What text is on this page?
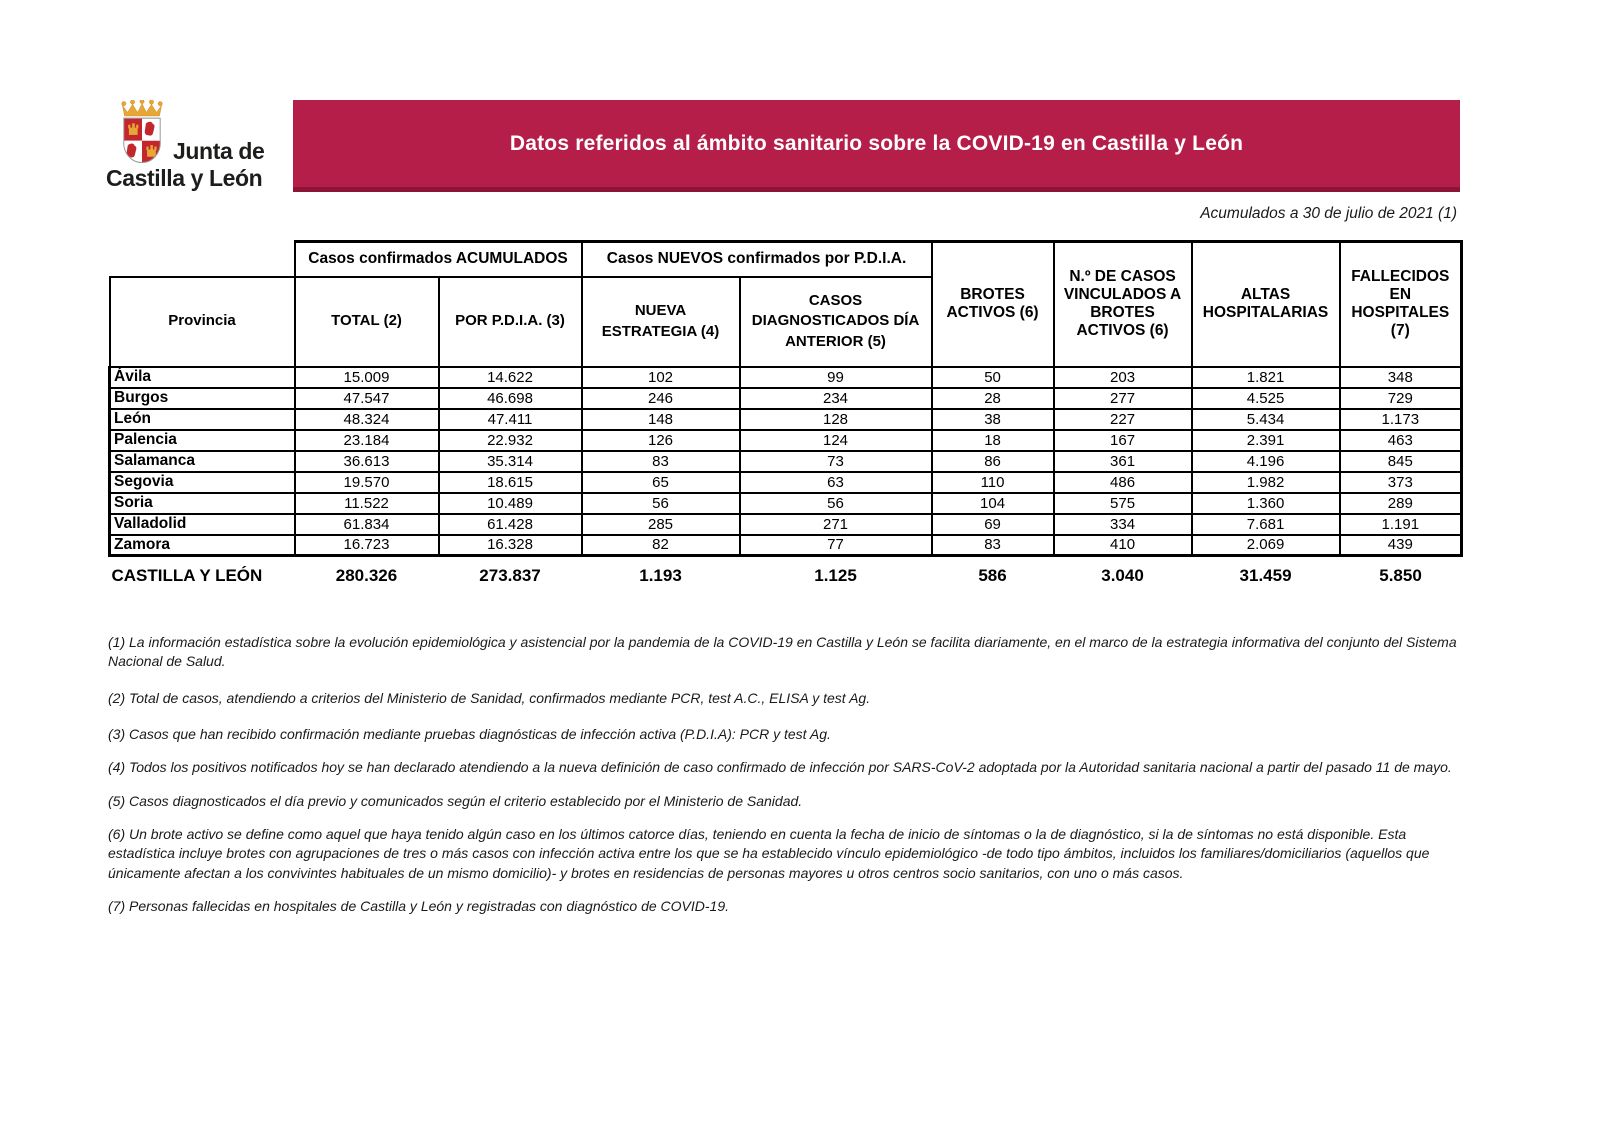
Junta de
Castilla y León
Datos referidos al ámbito sanitario sobre la COVID-19 en Castilla y León
Acumulados a 30 de julio de 2021 (1)
	Casos confirmados ACUMULADOS		Casos NUEVOS confirmados por P.D.I.A.		BROTES ACTIVOS (6)	N.º DE CASOS VINCULADOS A BROTES ACTIVOS (6)	ALTAS HOSPITALARIAS	FALLECIDOS EN HOSPITALES (7)
Provincia	TOTAL (2)	POR P.D.I.A. (3)	NUEVA ESTRATEGIA (4)	CASOS DIAGNOSTICADOS DÍA ANTERIOR (5)				
Ávila	15.009	14.622	102	99	50	203	1.821	348
Burgos	47.547	46.698	246	234	28	277	4.525	729
León	48.324	47.411	148	128	38	227	5.434	1.173
Palencia	23.184	22.932	126	124	18	167	2.391	463
Salamanca	36.613	35.314	83	73	86	361	4.196	845
Segovia	19.570	18.615	65	63	110	486	1.982	373
Soria	11.522	10.489	56	56	104	575	1.360	289
Valladolid	61.834	61.428	285	271	69	334	7.681	1.191
Zamora	16.723	16.328	82	77	83	410	2.069	439
CASTILLA Y LEÓN	280.326	273.837	1.193	1.125	586	3.040	31.459	5.850

(1) La información estadística sobre la evolución epidemiológica y asistencial por la pandemia de la COVID-19 en Castilla y León se facilita diariamente, en el marco de la estrategia informativa del conjunto del Sistema Nacional de Salud.

(2) Total de casos, atendiendo a criterios del Ministerio de Sanidad, confirmados mediante PCR, test A.C., ELISA y test Ag.

(3) Casos que han recibido confirmación mediante pruebas diagnósticas de infección activa (P.D.I.A): PCR y test Ag.

(4) Todos los positivos notificados hoy se han declarado atendiendo a la nueva definición de caso confirmado de infección por SARS-CoV-2 adoptada por la Autoridad sanitaria nacional a partir del pasado 11 de mayo.

(5) Casos diagnosticados el día previo y comunicados según el criterio establecido por el Ministerio de Sanidad.

(6) Un brote activo se define como aquel que haya tenido algún caso en los últimos catorce días, teniendo en cuenta la fecha de inicio de síntomas o la de diagnóstico, si la de síntomas no está disponible. Esta estadística incluye brotes con agrupaciones de tres o más casos con infección activa entre los que se ha establecido vínculo epidemiológico -de todo tipo ámbitos, incluidos los familiares/domiciliarios (aquellos que únicamente afectan a los convivintes habituales de un mismo domicilio)- y brotes en residencias de personas mayores u otros centros socio sanitarios, con uno o más casos.

(7) Personas fallecidas en hospitales de Castilla y León y registradas con diagnóstico de COVID-19.
